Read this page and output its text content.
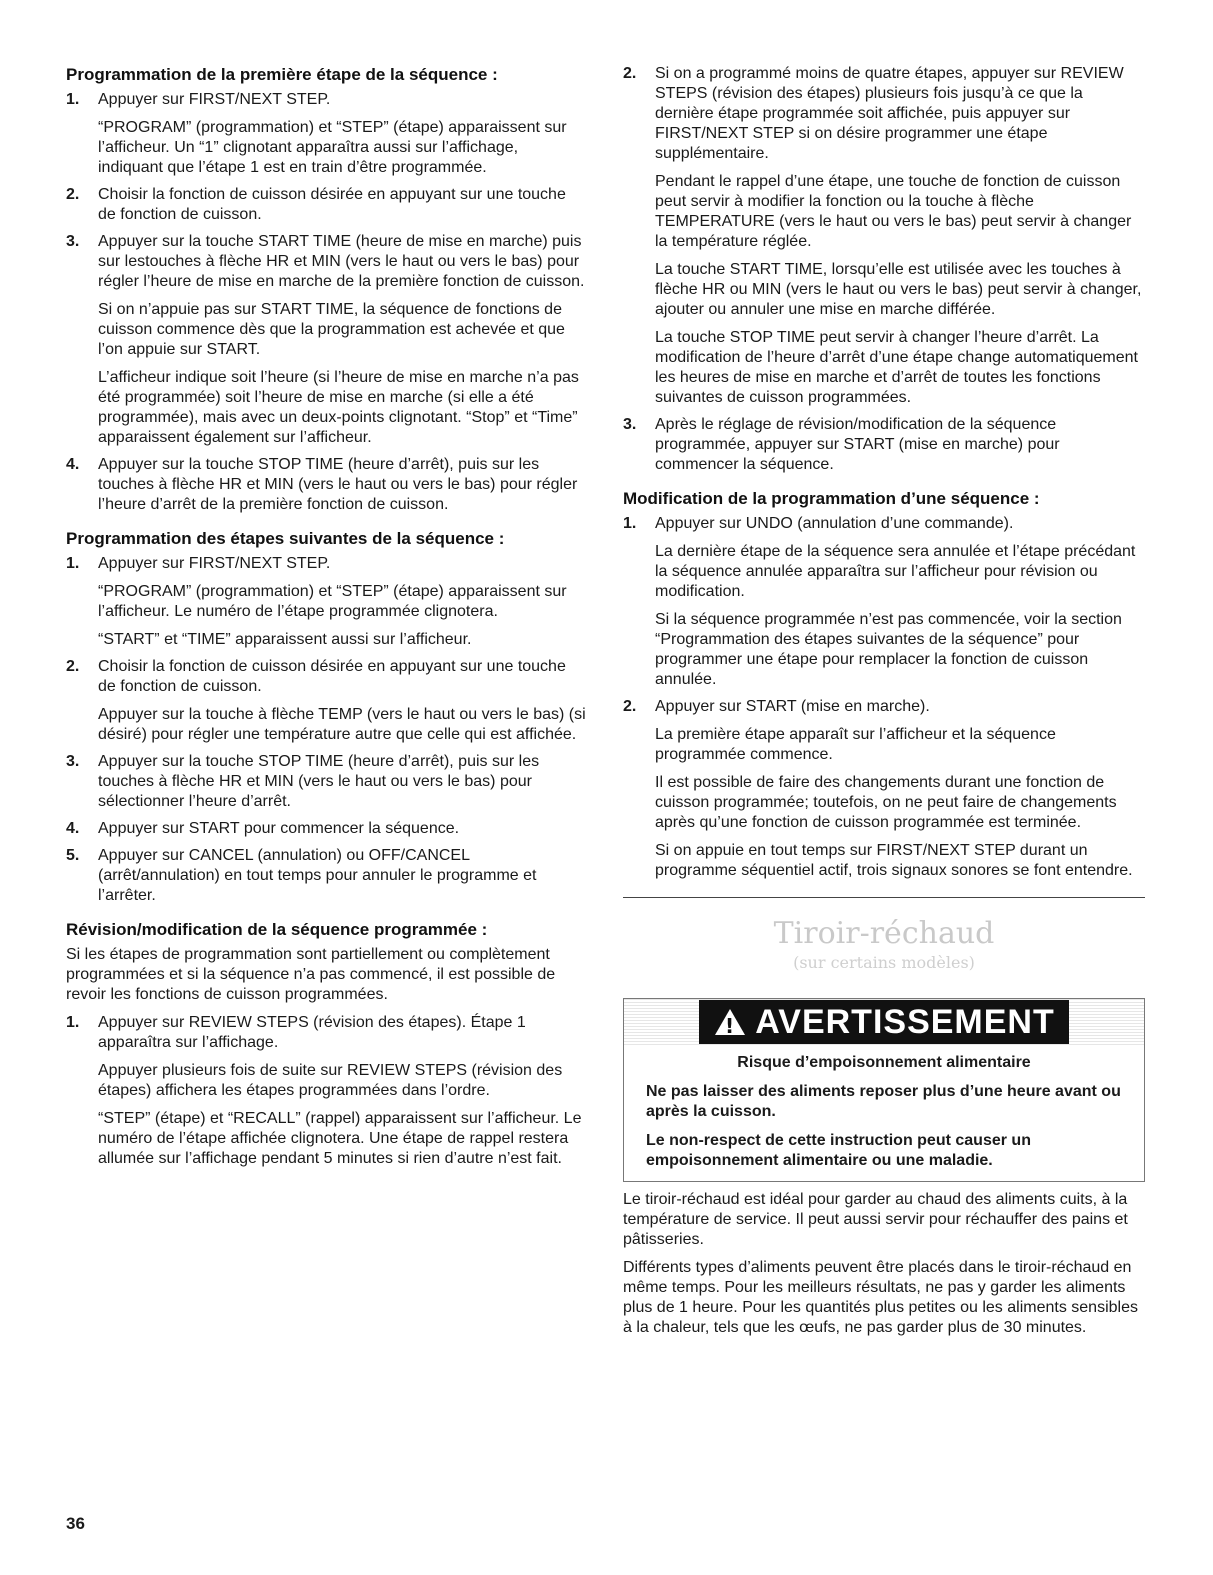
Programmation de la première étape de la séquence :
1. Appuyer sur FIRST/NEXT STEP.

“PROGRAM” (programmation) et “STEP” (étape) apparaissent sur l’afficheur. Un “1” clignotant apparaîtra aussi sur l’affichage, indiquant que l’étape 1 est en train d’être programmée.

2. Choisir la fonction de cuisson désirée en appuyant sur une touche de fonction de cuisson.

3. Appuyer sur la touche START TIME (heure de mise en marche) puis sur lestouches à flèche HR et MIN (vers le haut ou vers le bas) pour régler l’heure de mise en marche de la première fonction de cuisson.

Si on n’appuie pas sur START TIME, la séquence de fonctions de cuisson commence dès que la programmation est achevée et que l’on appuie sur START.

L’afficheur indique soit l’heure (si l’heure de mise en marche n’a pas été programmée) soit l’heure de mise en marche (si elle a été programmée), mais avec un deux-points clignotant. “Stop” et “Time” apparaissent également sur l’afficheur.

4. Appuyer sur la touche STOP TIME (heure d’arrêt), puis sur les touches à flèche HR et MIN (vers le haut ou vers le bas) pour régler l’heure d’arrêt de la première fonction de cuisson.

Programmation des étapes suivantes de la séquence :
1. Appuyer sur FIRST/NEXT STEP.

“PROGRAM” (programmation) et “STEP” (étape) apparaissent sur l’afficheur. Le numéro de l’étape programmée clignotera.

“START” et “TIME” apparaissent aussi sur l’afficheur.

2. Choisir la fonction de cuisson désirée en appuyant sur une touche de fonction de cuisson.

Appuyer sur la touche à flèche TEMP (vers le haut ou vers le bas) (si désiré) pour régler une température autre que celle qui est affichée.

3. Appuyer sur la touche STOP TIME (heure d’arrêt), puis sur les touches à flèche HR et MIN (vers le haut ou vers le bas) pour sélectionner l’heure d’arrêt.

4. Appuyer sur START pour commencer la séquence.

5. Appuyer sur CANCEL (annulation) ou OFF/CANCEL (arrêt/annulation) en tout temps pour annuler le programme et l’arrêter.

Révision/modification de la séquence programmée :

Si les étapes de programmation sont partiellement ou complètement programmées et si la séquence n’a pas commencé, il est possible de revoir les fonctions de cuisson programmées.

1. Appuyer sur REVIEW STEPS (révision des étapes). Étape 1 apparaîtra sur l’affichage.

Appuyer plusieurs fois de suite sur REVIEW STEPS (révision des étapes) affichera les étapes programmées dans l’ordre.

“STEP” (étape) et “RECALL” (rappel) apparaissent sur l’afficheur. Le numéro de l’étape affichée clignotera. Une étape de rappel restera allumée sur l’affichage pendant 5 minutes si rien d’autre n’est fait.

2. Si on a programmé moins de quatre étapes, appuyer sur REVIEW STEPS (révision des étapes) plusieurs fois jusqu’à ce que la dernière étape programmée soit affichée, puis appuyer sur FIRST/NEXT STEP si on désire programmer une étape supplémentaire.

Pendant le rappel d’une étape, une touche de fonction de cuisson peut servir à modifier la fonction ou la touche à flèche TEMPERATURE (vers le haut ou vers le bas) peut servir à changer la température réglée.

La touche START TIME, lorsqu’elle est utilisée avec les touches à flèche HR ou MIN (vers le haut ou vers le bas) peut servir à changer, ajouter ou annuler une mise en marche différée.

La touche STOP TIME peut servir à changer l’heure d’arrêt. La modification de l’heure d’arrêt d’une étape change automatiquement les heures de mise en marche et d’arrêt de toutes les fonctions suivantes de cuisson programmées.

3. Après le réglage de révision/modification de la séquence programmée, appuyer sur START (mise en marche) pour commencer la séquence.

Modification de la programmation d’une séquence :
1. Appuyer sur UNDO (annulation d’une commande).

La dernière étape de la séquence sera annulée et l’étape précédant la séquence annulée apparaîtra sur l’afficheur pour révision ou modification.

Si la séquence programmée n’est pas commencée, voir la section “Programmation des étapes suivantes de la séquence” pour programmer une étape pour remplacer la fonction de cuisson annulée.

2. Appuyer sur START (mise en marche).

La première étape apparaît sur l’afficheur et la séquence programmée commence.

Il est possible de faire des changements durant une fonction de cuisson programmée; toutefois, on ne peut faire de changements après qu’une fonction de cuisson programmée est terminée.

Si on appuie en tout temps sur FIRST/NEXT STEP durant un programme séquentiel actif, trois signaux sonores se font entendre.

Tiroir-réchaud
(sur certains modèles)
! AVERTISSEMENT

Risque d’empoisonnement alimentaire

Ne pas laisser des aliments reposer plus d’une heure avant ou après la cuisson.

Le non-respect de cette instruction peut causer un empoisonnement alimentaire ou une maladie.

Le tiroir-réchaud est idéal pour garder au chaud des aliments cuits, à la température de service. Il peut aussi servir pour réchauffer des pains et pâtisseries.

Différents types d’aliments peuvent être placés dans le tiroir-réchaud en même temps. Pour les meilleurs résultats, ne pas y garder les aliments plus de 1 heure. Pour les quantités plus petites ou les aliments sensibles à la chaleur, tels que les œufs, ne pas garder plus de 30 minutes.

36
